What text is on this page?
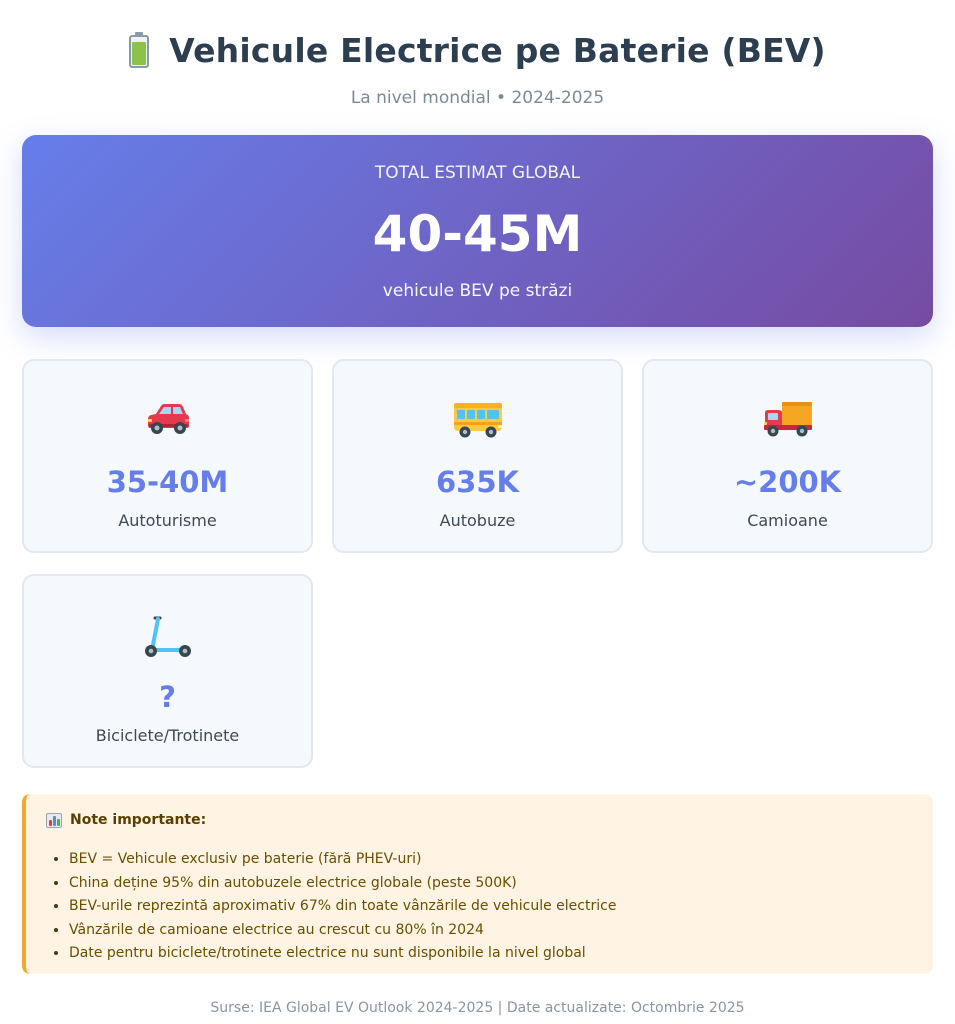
Vehicule Electrice pe Baterie (BEV)
La nivel mondial • 2024-2025
TOTAL ESTIMAT GLOBAL
40-45M
vehicule BEV pe străzi
35-40M
Autoturisme
635K
Autobuze
~200K
Camioane
?
Biciclete/Trotinete
Note importante:
• BEV = Vehicule exclusiv pe baterie (fără PHEV-uri)
• China deține 95% din autobuzele electrice globale (peste 500K)
• BEV-urile reprezintă aproximativ 67% din toate vânzările de vehicule electrice
• Vânzările de camioane electrice au crescut cu 80% în 2024
• Date pentru biciclete/trotinete electrice nu sunt disponibile la nivel global
Surse: IEA Global EV Outlook 2024-2025 | Date actualizate: Octombrie 2025
